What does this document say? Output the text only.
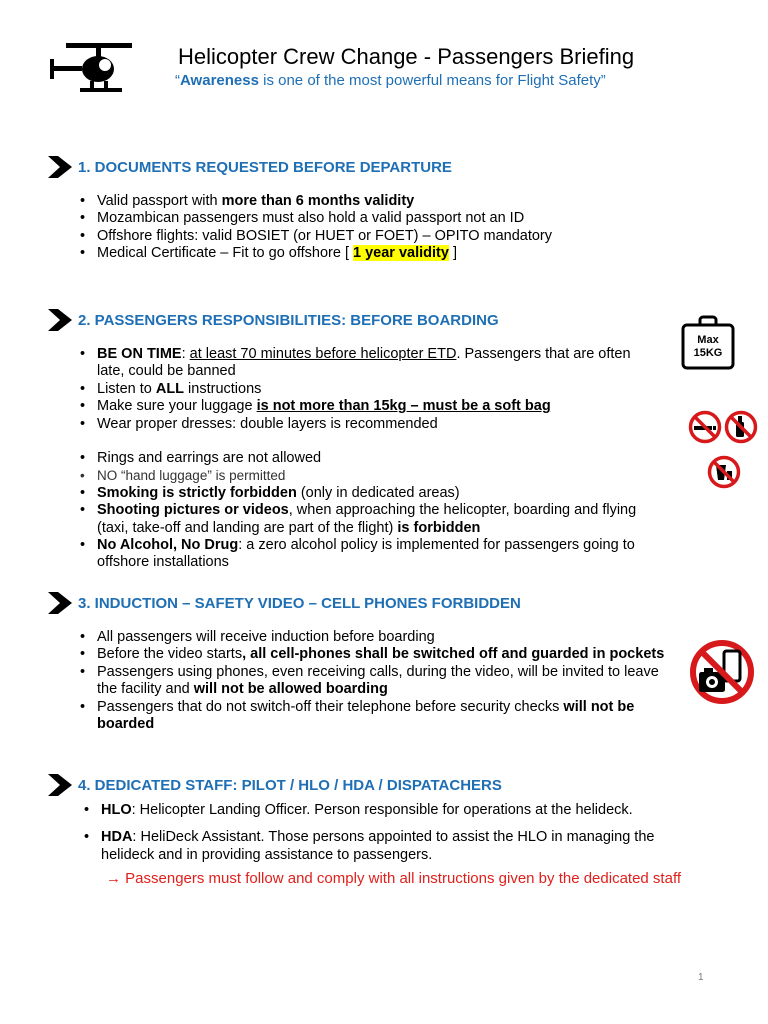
Helicopter Crew Change - Passengers Briefing
“Awareness is one of the most powerful means for Flight Safety”
1. DOCUMENTS REQUESTED BEFORE DEPARTURE
• Valid passport with more than 6 months validity
• Mozambican passengers must also hold a valid passport not an ID
• Offshore flights: valid BOSIET (or HUET or FOET) – OPITO mandatory
• Medical Certificate – Fit to go offshore [ 1 year validity ]
2. PASSENGERS RESPONSIBILITIES: BEFORE BOARDING
• BE ON TIME: at least 70 minutes before helicopter ETD. Passengers that are often late, could be banned
• Listen to ALL instructions
• Make sure your luggage is not more than 15kg – must be a soft bag
• Wear proper dresses: double layers is recommended
• Rings and earrings are not allowed
• NO “hand luggage” is permitted
• Smoking is strictly forbidden (only in dedicated areas)
• Shooting pictures or videos, when approaching the helicopter, boarding and flying (taxi, take-off and landing are part of the flight) is forbidden
• No Alcohol, No Drug: a zero alcohol policy is implemented for passengers going to offshore installations
Max
15KG
3. INDUCTION – SAFETY VIDEO – CELL PHONES FORBIDDEN
• All passengers will receive induction before boarding
• Before the video starts, all cell-phones shall be switched off and guarded in pockets
• Passengers using phones, even receiving calls, during the video, will be invited to leave the facility and will not be allowed boarding
• Passengers that do not switch-off their telephone before security checks will not be boarded
4. DEDICATED STAFF: PILOT / HLO / HDA / DISPATACHERS
• HLO: Helicopter Landing Officer. Person responsible for operations at the helideck.
• HDA: HeliDeck Assistant. Those persons appointed to assist the HLO in managing the helideck and in providing assistance to passengers.
→ Passengers must follow and comply with all instructions given by the dedicated staff
1
